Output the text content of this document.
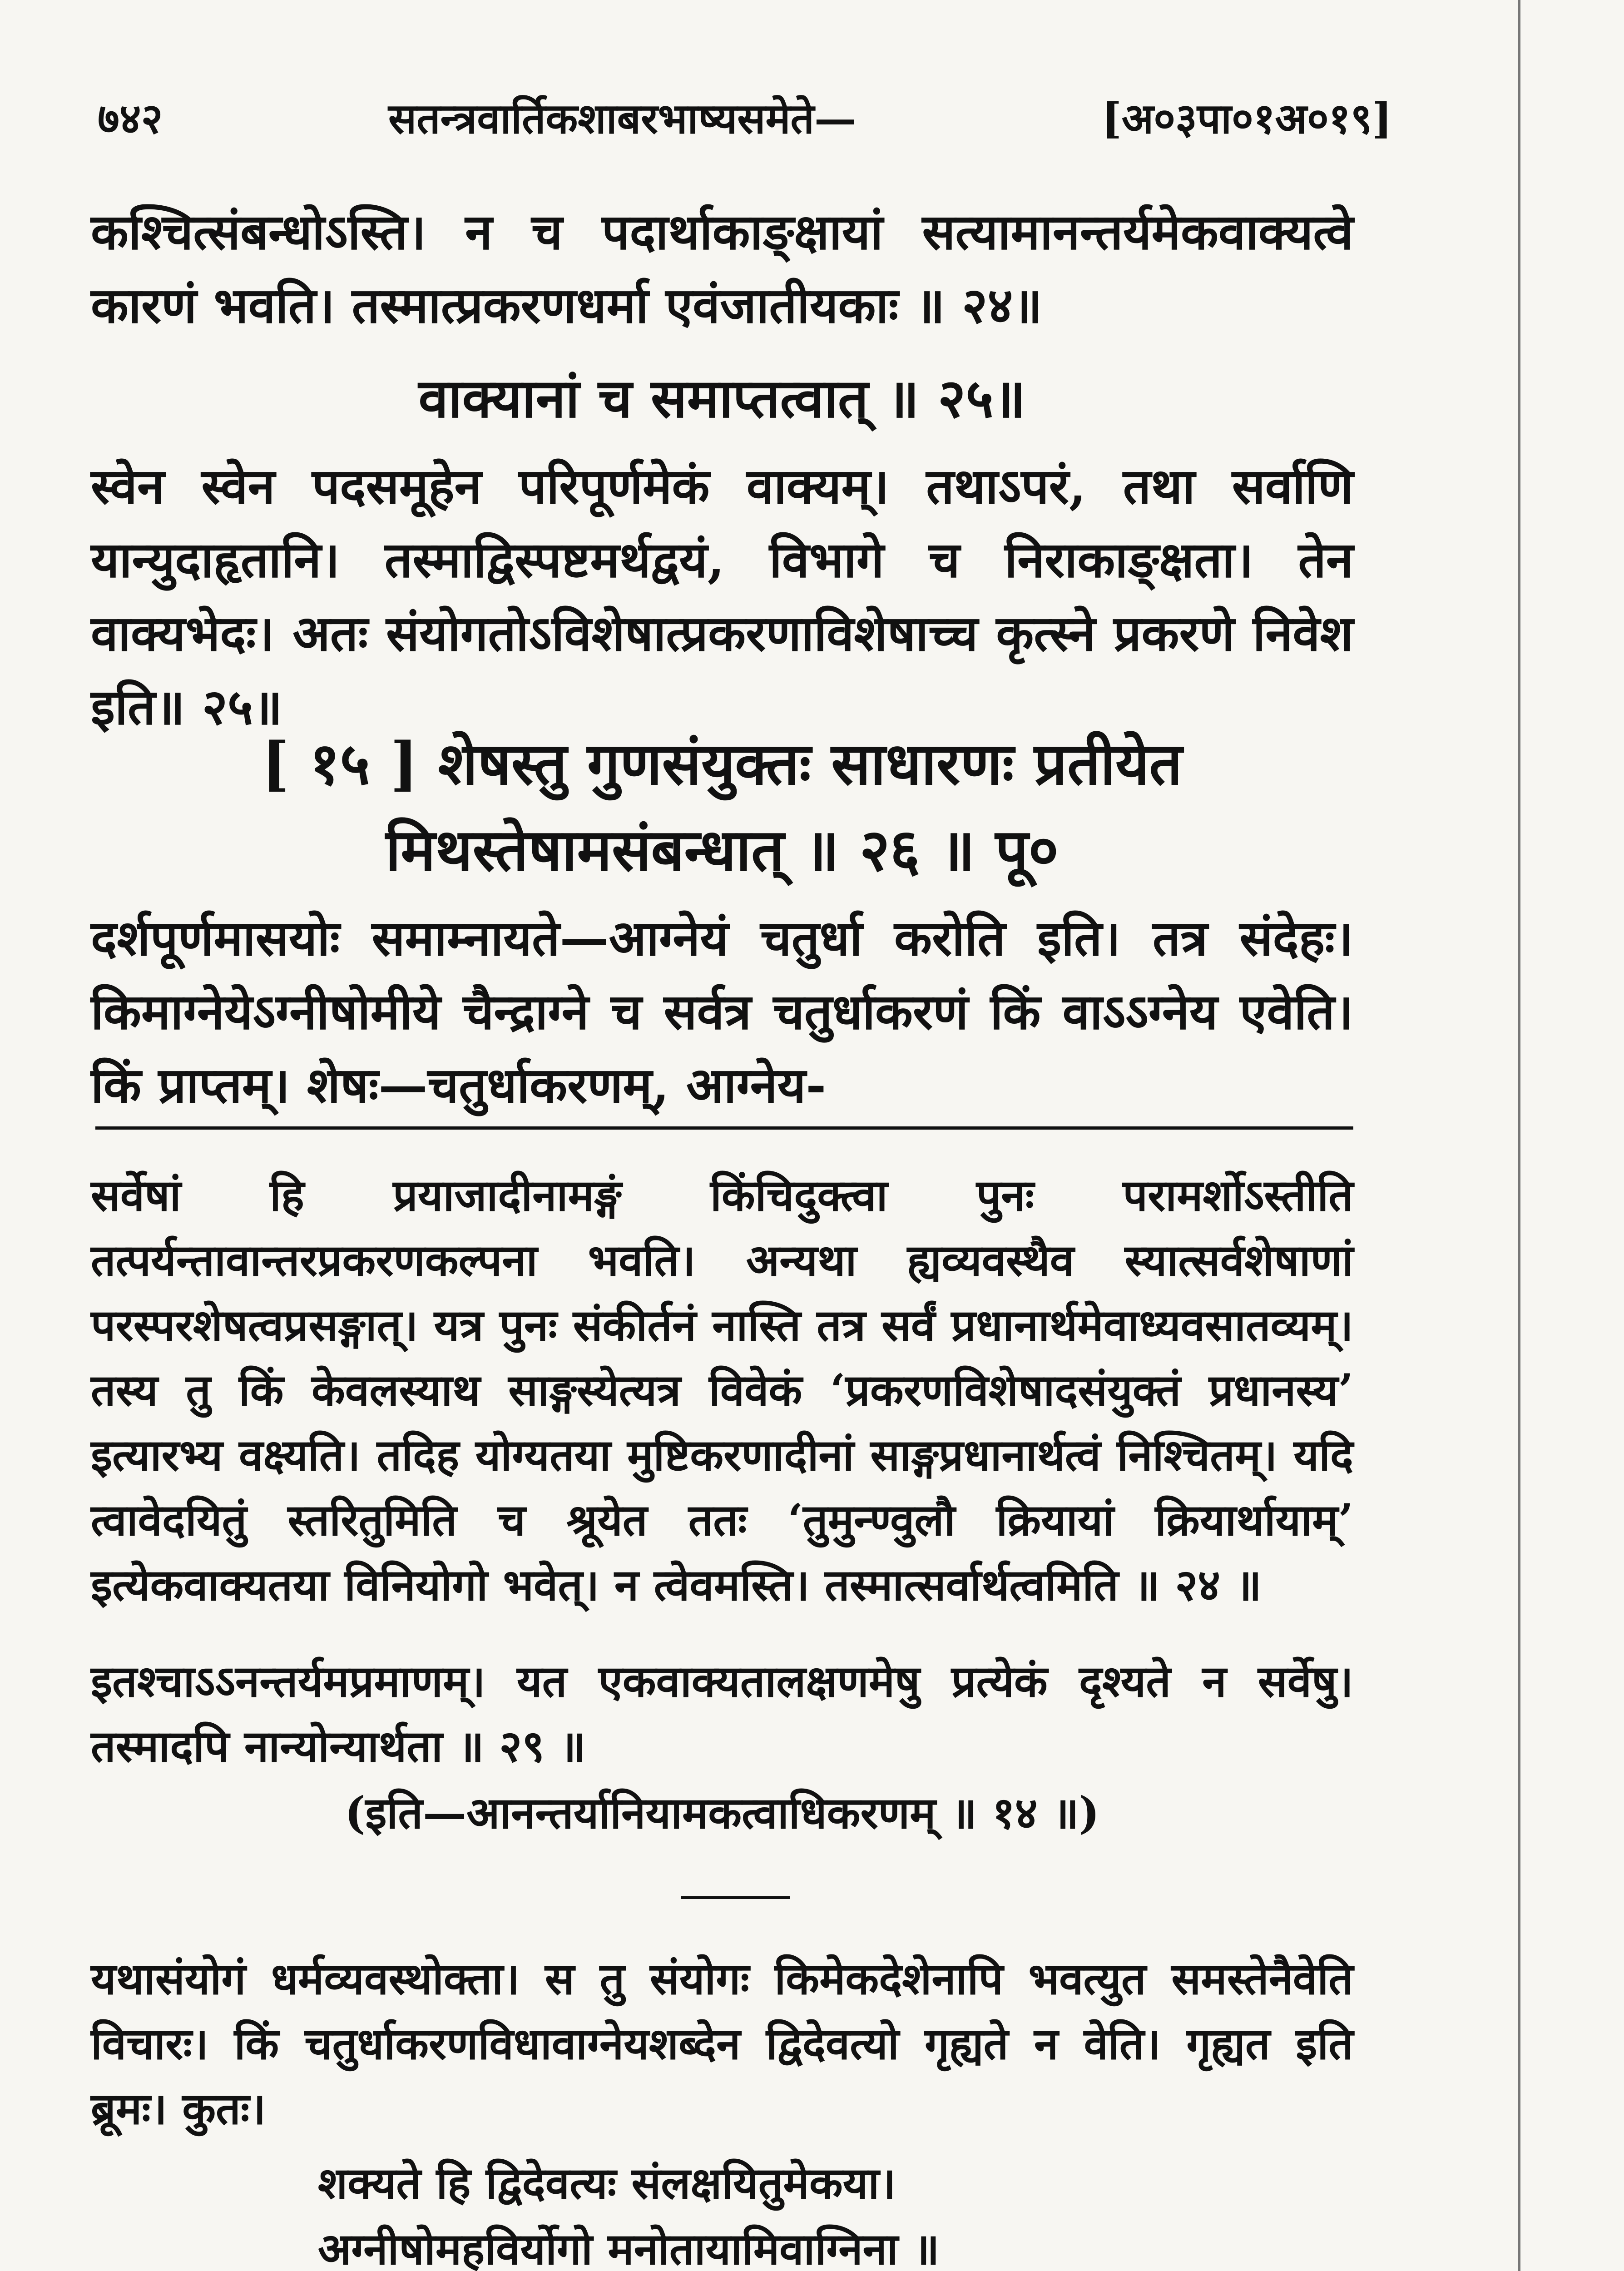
७४२	सतन्त्रवार्तिकशाबरभाष्यसमेते—	[अ०३पा०१अ०१९]
कश्चित्संबन्धोऽस्ति। न च पदार्थाकाङ्क्षायां सत्यामानन्तर्यमेकवाक्यत्वे कारणं भवति। तस्मात्प्रकरणधर्मा एवंजातीयकाः ॥ २४॥
वाक्यानां च समाप्तत्वात् ॥ २५॥
स्वेन स्वेन पदसमूहेन परिपूर्णमेकं वाक्यम्। तथाऽपरं, तथा सर्वाणि यान्युदाहृतानि। तस्माद्विस्पष्टमर्थद्वयं, विभागे च निराकाङ्क्षता। तेन वाक्यभेदः। अतः संयोगतोऽविशेषात्प्रकरणाविशेषाच्च कृत्स्ने प्रकरणे निवेश इति॥ २५॥
[ १५ ] शेषस्तु गुणसंयुक्तः साधारणः प्रतीयेत
मिथस्तेषामसंबन्धात् ॥ २६ ॥ पू०
दर्शपूर्णमासयोः समाम्नायते—आग्नेयं चतुर्धा करोति इति। तत्र संदेहः। किमाग्नेयेऽग्नीषोमीये चैन्द्राग्ने च सर्वत्र चतुर्धाकरणं किं वाऽऽग्नेय एवेति। किं प्राप्तम्। शेषः—चतुर्धाकरणम्, आग्नेय-
सर्वेषां हि प्रयाजादीनामङ्गं किंचिदुक्त्वा पुनः परामर्शोऽस्तीति तत्पर्यन्तावान्तरप्रकरणकल्पना भवति। अन्यथा ह्यव्यवस्थैव स्यात्सर्वशेषाणां परस्परशेषत्वप्रसङ्गात्। यत्र पुनः संकीर्तनं नास्ति तत्र सर्वं प्रधानार्थमेवाध्यवसातव्यम्। तस्य तु किं केवलस्याथ साङ्गस्येत्यत्र विवेकं ‘प्रकरणविशेषादसंयुक्तं प्रधानस्य’ इत्यारभ्य वक्ष्यति। तदिह योग्यतया मुष्टिकरणादीनां साङ्गप्रधानार्थत्वं निश्चितम्। यदि त्वावेदयितुं स्तरितुमिति च श्रूयेत ततः ‘तुमुन्ण्वुलौ क्रियायां क्रियार्थायाम्’ इत्येकवाक्यतया विनियोगो भवेत्। न त्वेवमस्ति। तस्मात्सर्वार्थत्वमिति ॥ २४ ॥
इतश्चाऽऽनन्तर्यमप्रमाणम्। यत एकवाक्यतालक्षणमेषु प्रत्येकं दृश्यते न सर्वेषु। तस्मादपि नान्योन्यार्थता ॥ २९ ॥
(इति—आनन्तर्यानियामकत्वाधिकरणम् ॥ १४ ॥)
यथासंयोगं धर्मव्यवस्थोक्ता। स तु संयोगः किमेकदेशेनापि भवत्युत समस्तेनैवेति विचारः। किं चतुर्धाकरणविधावाग्नेयशब्देन द्विदेवत्यो गृह्यते न वेति। गृह्यत इति ब्रूमः। कुतः।
शक्यते हि द्विदेवत्यः संलक्षयितुमेकया।
अग्नीषोमहविर्योगो मनोतायामिवाग्निना ॥
